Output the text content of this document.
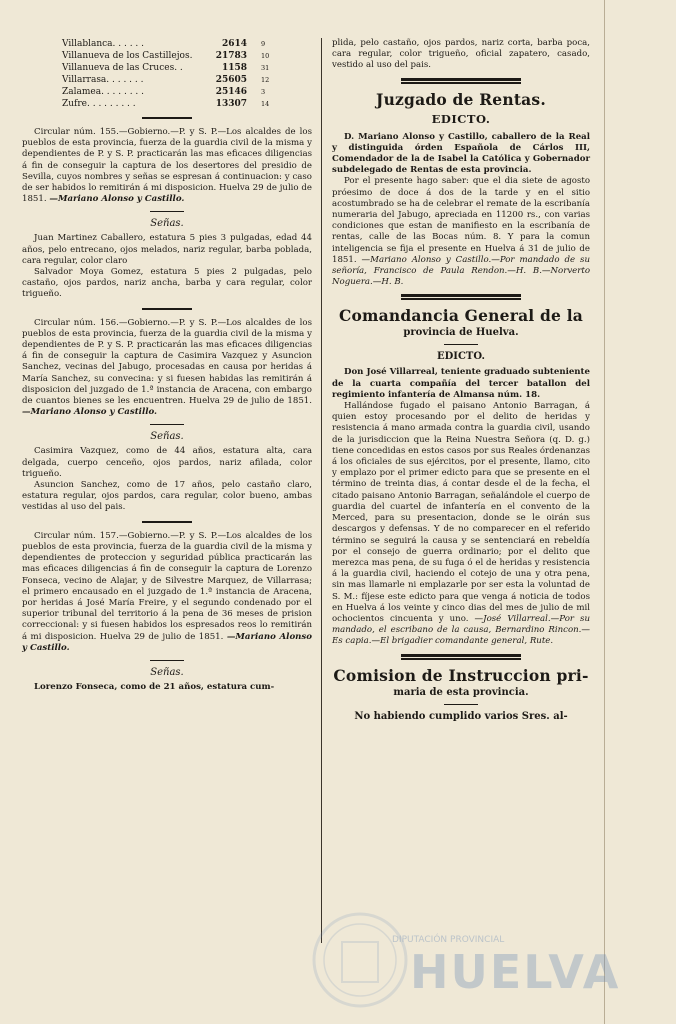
Villablanca. . . . . .	2614	9
Villanueva de los Castillejos.	21783	10
Villanueva de las Cruces. .	1158	31
Villarrasa. . . . . . .	25605	12
Zalamea. . . . . . . .	25146	3
Zufre. . . . . . . . .	13307	14

Circular núm. 155.—Gobierno.—P. y S. P.—Los alcaldes de los pueblos de esta provincia, fuerza de la guardia civil de la misma y dependientes de P. y S. P. practicarán las mas eficaces diligencias á fin de conseguir la captura de los desertores del presidio de Sevilla, cuyos nombres y señas se espresan á continuacion: y caso de ser habidos lo remitirán á mi disposicion. Huelva 29 de julio de 1851. —Mariano Alonso y Castillo.

Señas.

Juan Martinez Caballero, estatura 5 pies 3 pulgadas, edad 44 años, pelo entrecano, ojos melados, nariz regular, barba poblada, cara regular, color claro

Salvador Moya Gomez, estatura 5 pies 2 pulgadas, pelo castaño, ojos pardos, nariz ancha, barba y cara regular, color trigueño.

Circular núm. 156.—Gobierno.—P. y S. P.—Los alcaldes de los pueblos de esta provincia, fuerza de la guardia civil de la misma y dependientes de P. y S. P. practicarán las mas eficaces diligencias á fin de conseguir la captura de Casimira Vazquez y Asuncion Sanchez, vecinas del Jabugo, procesadas en causa por heridas á María Sanchez, su convecina: y si fuesen habidas las remitirán á disposicion del juzgado de 1.ª instancia de Aracena, con embargo de cuantos bienes se les encuentren. Huelva 29 de julio de 1851. —Mariano Alonso y Castillo.

Señas.

Casimira Vazquez, como de 44 años, estatura alta, cara delgada, cuerpo cenceño, ojos pardos, nariz afilada, color trigueño.

Asuncion Sanchez, como de 17 años, pelo castaño claro, estatura regular, ojos pardos, cara regular, color bueno, ambas vestidas al uso del pais.

Circular núm. 157.—Gobierno.—P. y S. P.—Los alcaldes de los pueblos de esta provincia, fuerza de la guardia civil de la misma y dependientes de proteccion y seguridad pública practicarán las mas eficaces diligencias á fin de conseguir la captura de Lorenzo Fonseca, vecino de Alajar, y de Silvestre Marquez, de Villarrasa; el primero encausado en el juzgado de 1.ª instancia de Aracena, por heridas á José María Freire, y el segundo condenado por el superior tribunal del territorio á la pena de 36 meses de prision correccional: y si fuesen habidos los espresados reos lo remitirán á mi disposicion. Huelva 29 de julio de 1851. —Mariano Alonso y Castillo.

Señas.

Lorenzo Fonseca, como de 21 años, estatura cum-

plida, pelo castaño, ojos pardos, nariz corta, barba poca, cara regular, color trigueño, oficial zapatero, casado, vestido al uso del pais.

Juzgado de Rentas.
EDICTO.

D. Mariano Alonso y Castillo, caballero de la Real y distinguida órden Española de Cárlos III, Comendador de la de Isabel la Católica y Gobernador subdelegado de Rentas de esta provincia.

Por el presente hago saber: que el dia siete de agosto próesimo de doce á dos de la tarde y en el sitio acostumbrado se ha de celebrar el remate de la escribanía numeraria del Jabugo, apreciada en 11200 rs., con varias condiciones que estan de manifiesto en la escribanía de rentas, calle de las Bocas núm. 8. Y para la comun inteligencia se fija el presente en Huelva á 31 de julio de 1851. —Mariano Alonso y Castillo.—Por mandado de su señoría, Francisco de Paula Rendon.—H. B.—Norverto Noguera.—H. B.

Comandancia General de la
provincia de Huelva.
EDICTO.

Don José Villarreal, teniente graduado subteniente de la cuarta compañía del tercer batallon del regimiento infantería de Almansa núm. 18.

Hallándose fugado el paisano Antonio Barragan, á quien estoy procesando por el delito de heridas y resistencia á mano armada contra la guardia civil, usando de la jurisdiccion que la Reina Nuestra Señora (q. D. g.) tiene concedidas en estos casos por sus Reales órdenanzas á los oficiales de sus ejércitos, por el presente, llamo, cito y emplazo por el primer edicto para que se presente en el término de treinta dias, á contar desde el de la fecha, el citado paisano Antonio Barragan, señalándole el cuerpo de guardia del cuartel de infantería en el convento de la Merced, para su presentacion, donde se le oirán sus descargos y defensas. Y de no comparecer en el referido término se seguirá la causa y se sentenciará en rebeldía por el consejo de guerra ordinario; por el delito que merezca mas pena, de su fuga ó el de heridas y resistencia á la guardia civil, haciendo el cotejo de una y otra pena, sin mas llamarle ni emplazarle por ser esta la voluntad de S. M.: fíjese este edicto para que venga á noticia de todos en Huelva á los veinte y cinco dias del mes de julio de mil ochocientos cincuenta y uno. —José Villarreal.—Por su mandado, el escribano de la causa, Bernardino Rincon.—Es capia.—El brigadier comandante general, Rute.

Comision de Instruccion pri-
maria de esta provincia.
No habiendo cumplido varios Sres. al-
DIPUTACIÓN PROVINCIAL
HUELVA
